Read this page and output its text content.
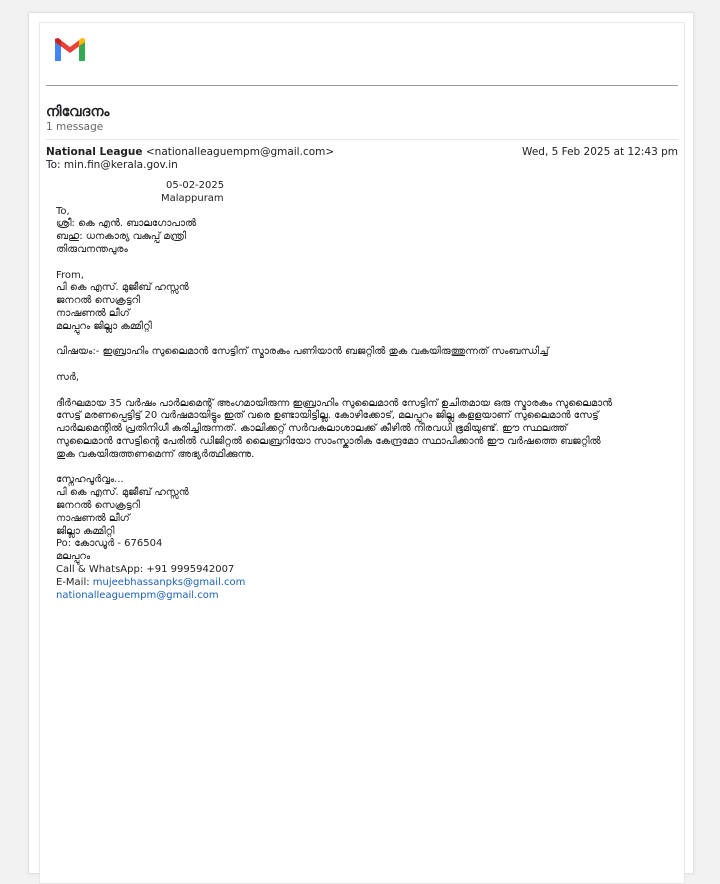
നിവേദനം
1 message
National League <nationalleaguempm@gmail.com>	Wed, 5 Feb 2025 at 12:43 pm
To: min.fin@kerala.gov.in
05-02-2025
Malappuram
To,
ശ്രീ: കെ എൻ. ബാലഗോപാൽ
ബഹു: ധനകാര്യ വകുപ്പ് മന്ത്രി
തിരുവനന്തപുരം
From,
പി കെ എസ്. മുജീബ് ഹസ്സൻ
ജനറൽ സെക്രട്ടറി
നാഷണൽ ലീഗ്
മലപ്പുറം ജില്ലാ കമ്മിറ്റി
വിഷയം:- ഇബ്രാഹിം സുലൈമാൻ സേട്ടിന് സ്മാരകം പണിയാൻ ബജറ്റിൽ തുക വകയിരുത്തുന്നത് സംബന്ധിച്ച്
സർ,
ദീർഘമായ 35 വർഷം പാർലമെന്റ് അംഗമായിരുന്ന ഇബ്രാഹിം സുലൈമാൻ സേട്ടിന് ഉചിതമായ ഒരു സ്മാരകം സുലൈമാൻ
സേട്ട് മരണപ്പെട്ടിട്ട് 20 വർഷമായിട്ടും ഇത് വരെ ഉണ്ടായിട്ടില്ല. കോഴിക്കോട്, മലപ്പുറം ജില്ല കളളയാണ് സുലൈമാൻ സേട്ട്
പാർലമെന്റിൽ പ്രതിനിധീ കരിച്ചിരുന്നത്. കാലിക്കറ്റ് സർവകലാശാലക്ക് കീഴിൽ നിരവധി ഭൂമിയുണ്ട്. ഈ സ്ഥലത്ത്
സുലൈമാൻ സേട്ടിന്റെ പേരിൽ ഡിജിറ്റൽ ലൈബ്രറിയോ സാംസ്കാരിക കേന്ദ്രമോ സ്ഥാപിക്കാൻ ഈ വർഷത്തെ ബജറ്റിൽ
തുക വകയിരുത്തണമെന്ന് അഭ്യർത്ഥിക്കുന്നു.
സ്നേഹപൂർവ്വം...
പി കെ എസ്. മുജീബ് ഹസ്സൻ
ജനറൽ സെക്രട്ടറി
നാഷണൽ ലീഗ്
ജില്ലാ കമ്മിറ്റി
Po: കോഡൂർ - 676504
മലപ്പുറം
Call & WhatsApp: +91 9995942007
E-Mail: mujeebhassanpks@gmail.com
nationalleaguempm@gmail.com
